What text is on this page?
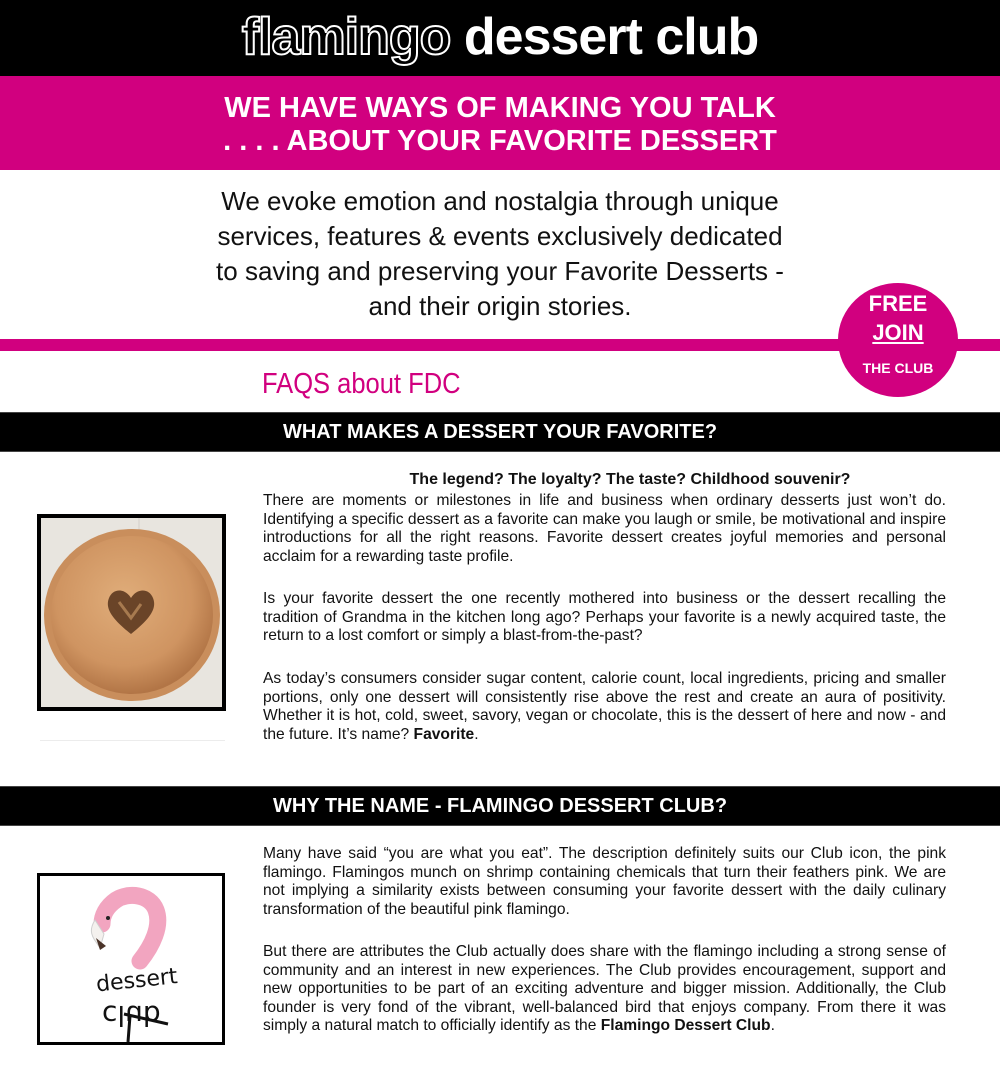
flamingo dessert club
WE HAVE WAYS OF MAKING YOU TALK
. . . . ABOUT YOUR FAVORITE DESSERT
We evoke emotion and nostalgia through unique
services, features & events exclusively dedicated
to saving and preserving your Favorite Desserts -
and their origin stories.	FREE
JOIN
THE CLUB
FAQS about FDC
WHAT MAKES A DESSERT YOUR FAVORITE?
The legend? The loyalty? The taste? Childhood souvenir?
There are moments or milestones in life and business when ordinary desserts just won’t do. Identifying a specific dessert as a favorite can make you laugh or smile, be motivational and inspire introductions for all the right reasons. Favorite dessert creates joyful memories and personal acclaim for a rewarding taste profile.
Is your favorite dessert the one recently mothered into business or the dessert recalling the tradition of Grandma in the kitchen long ago? Perhaps your favorite is a newly acquired taste, the return to a lost comfort or simply a blast-from-the-past?
As today’s consumers consider sugar content, calorie count, local ingredients, pricing and smaller portions, only one dessert will consistently rise above the rest and create an aura of positivity. Whether it is hot, cold, sweet, savory, vegan or chocolate, this is the dessert of here and now - and the future. It’s name? Favorite.
WHY THE NAME - FLAMINGO DESSERT CLUB?
dessert
club
Many have said “you are what you eat”. The description definitely suits our Club icon, the pink flamingo. Flamingos munch on shrimp containing chemicals that turn their feathers pink. We are not implying a similarity exists between consuming your favorite dessert with the daily culinary transformation of the beautiful pink flamingo.
But there are attributes the Club actually does share with the flamingo including a strong sense of community and an interest in new experiences. The Club provides encouragement, support and new opportunities to be part of an exciting adventure and bigger mission. Additionally, the Club founder is very fond of the vibrant, well-balanced bird that enjoys company. From there it was simply a natural match to officially identify as the Flamingo Dessert Club.
